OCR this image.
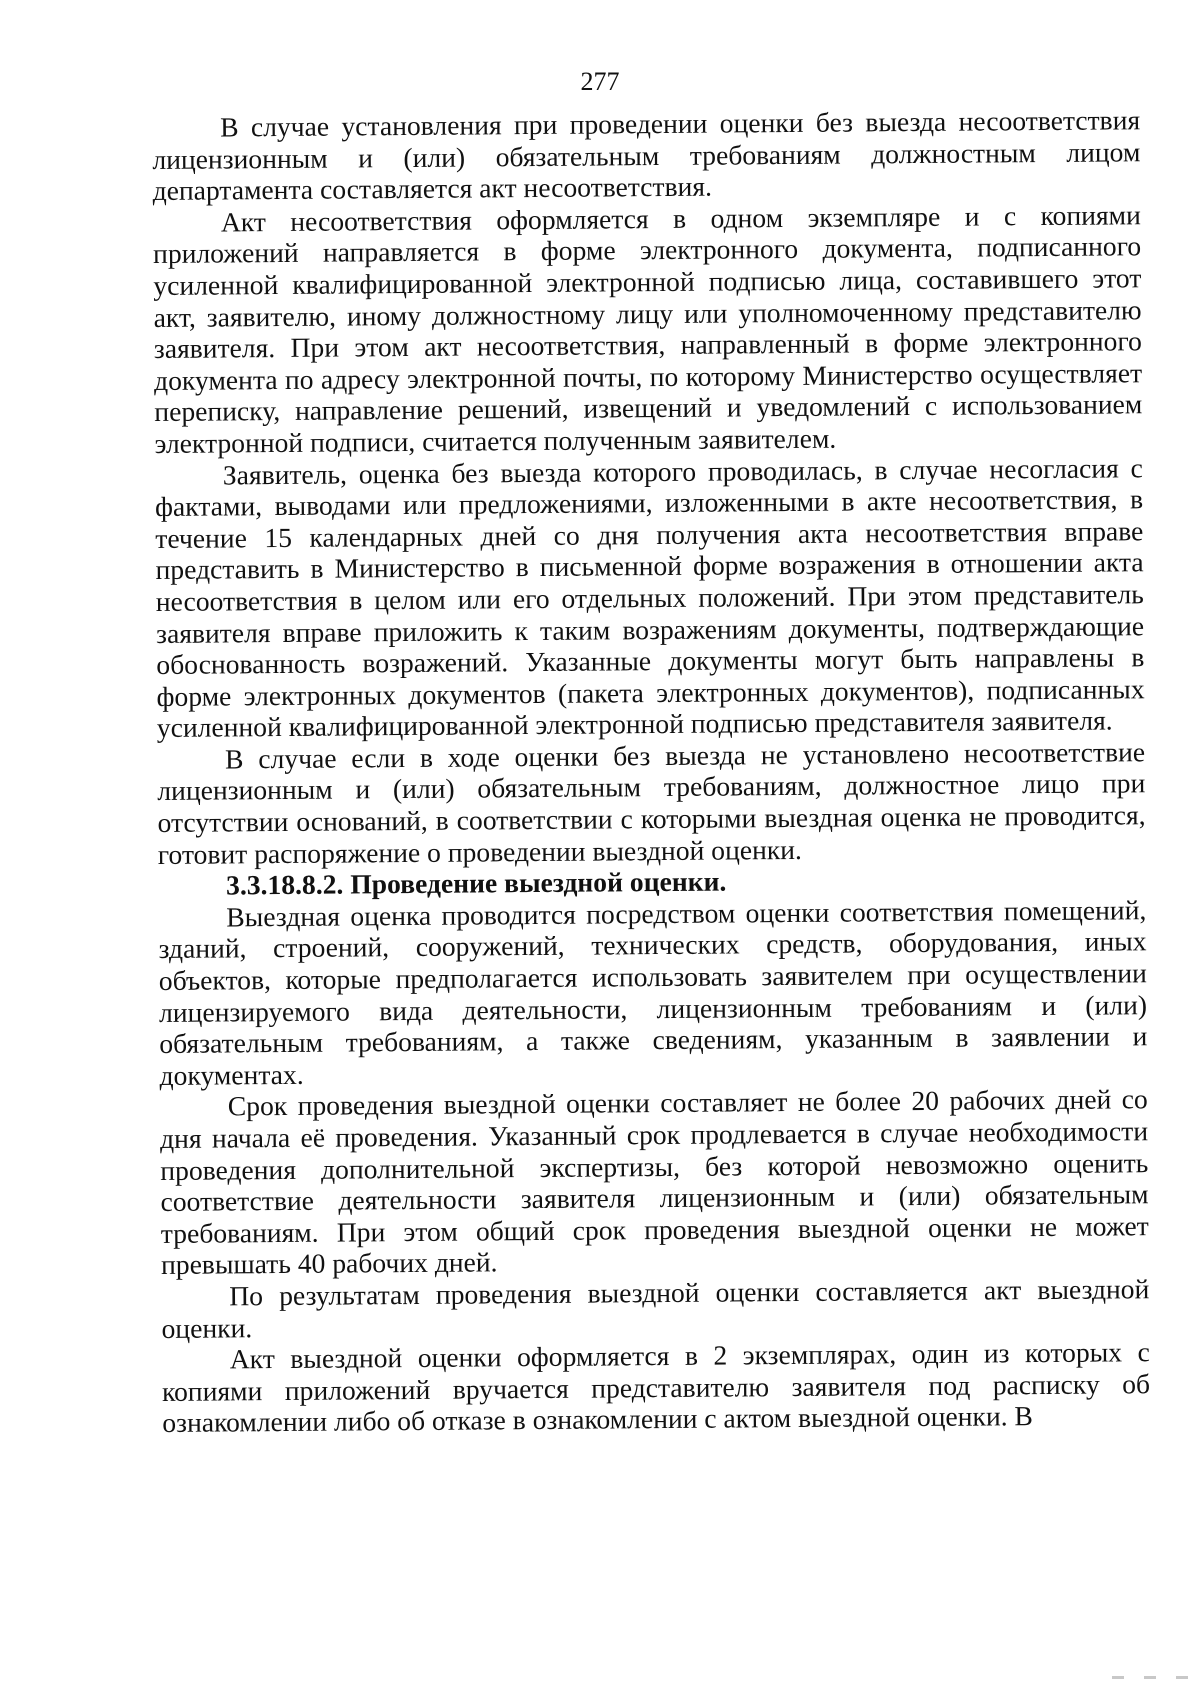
277

В случае установления при проведении оценки без выезда несоответствия лицензионным и (или) обязательным требованиям должностным лицом департамента составляется акт несоответствия.

Акт несоответствия оформляется в одном экземпляре и с копиями приложений направляется в форме электронного документа, подписанного усиленной квалифицированной электронной подписью лица, составившего этот акт, заявителю, иному должностному лицу или уполномоченному представителю заявителя. При этом акт несоответствия, направленный в форме электронного документа по адресу электронной почты, по которому Министерство осуществляет переписку, направление решений, извещений и уведомлений с использованием электронной подписи, считается полученным заявителем.

Заявитель, оценка без выезда которого проводилась, в случае несогласия с фактами, выводами или предложениями, изложенными в акте несоответствия, в течение 15 календарных дней со дня получения акта несоответствия вправе представить в Министерство в письменной форме возражения в отношении акта несоответствия в целом или его отдельных положений. При этом представитель заявителя вправе приложить к таким возражениям документы, подтверждающие обоснованность возражений. Указанные документы могут быть направлены в форме электронных документов (пакета электронных документов), подписанных усиленной квалифицированной электронной подписью представителя заявителя.

В случае если в ходе оценки без выезда не установлено несоответствие лицензионным и (или) обязательным требованиям, должностное лицо при отсутствии оснований, в соответствии с которыми выездная оценка не проводится, готовит распоряжение о проведении выездной оценки.

3.3.18.8.2. Проведение выездной оценки.

Выездная оценка проводится посредством оценки соответствия помещений, зданий, строений, сооружений, технических средств, оборудования, иных объектов, которые предполагается использовать заявителем при осуществлении лицензируемого вида деятельности, лицензионным требованиям и (или) обязательным требованиям, а также сведениям, указанным в заявлении и документах.

Срок проведения выездной оценки составляет не более 20 рабочих дней со дня начала её проведения. Указанный срок продлевается в случае необходимости проведения дополнительной экспертизы, без которой невозможно оценить соответствие деятельности заявителя лицензионным и (или) обязательным требованиям. При этом общий срок проведения выездной оценки не может превышать 40 рабочих дней.

По результатам проведения выездной оценки составляется акт выездной оценки.

Акт выездной оценки оформляется в 2 экземплярах, один из которых с копиями приложений вручается представителю заявителя под расписку об ознакомлении либо об отказе в ознакомлении с актом выездной оценки. В
